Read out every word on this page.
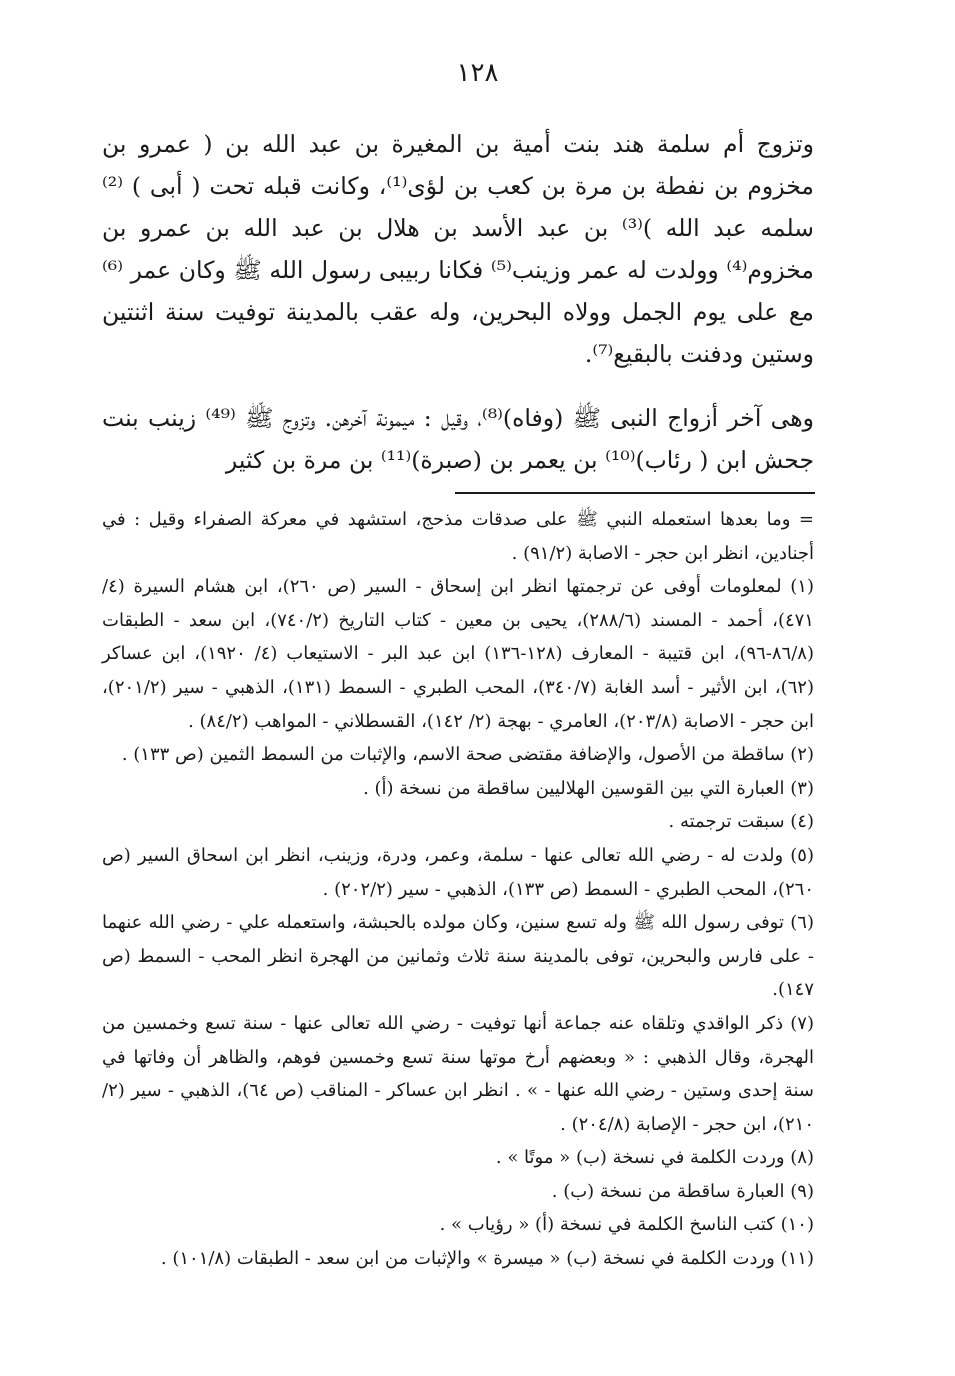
١٢٨
وتزوج أم سلمة هند بنت أمية بن المغيرة بن عبد الله بن ( عمرو بن مخزوم بن نفطة بن مرة بن كعب بن لؤى⁽¹⁾، وكانت قبله تحت ( أبى ) ⁽²⁾ سلمه عبد الله )⁽³⁾ بن عبد الأسد بن هلال بن عبد الله بن عمرو بن مخزوم⁽⁴⁾ وولدت له عمر وزينب⁽⁵⁾ فكانا ربيبى رسول الله ﷺ وكان عمر ⁽⁶⁾ مع على يوم الجمل وولاه البحرين، وله عقب بالمدينة توفيت سنة اثنتين وستين ودفنت بالبقيع⁽⁷⁾.
وهى آخر أزواج النبى ﷺ (وفاه)⁽⁸⁾، وقيل : ميمونة آخرهن. وتزوج ﷺ ⁽⁴⁹⁾ زينب بنت جحش ابن ( رئاب)⁽¹⁰⁾ بن يعمر بن (صبرة)⁽¹¹⁾ بن مرة بن كثير

= وما بعدها استعمله النبي ﷺ على صدقات مذحج، استشهد في معركة الصفراء وقيل : في أجنادين، انظر ابن حجر - الاصابة (٩١/٢) .

(١) لمعلومات أوفى عن ترجمتها انظر ابن إسحاق - السير (ص ٢٦٠)، ابن هشام السيرة (٤/ ٤٧١)، أحمد - المسند (٢٨٨/٦)، يحيى بن معين - كتاب التاريخ (٧٤٠/٢)، ابن سعد - الطبقات (٨٦/٨-٩٦)، ابن قتيبة - المعارف (١٢٨-١٣٦) ابن عبد البر - الاستيعاب (٤/ ١٩٢٠)، ابن عساكر (٦٢)، ابن الأثير - أسد الغابة (٣٤٠/٧)، المحب الطبري - السمط (١٣١)، الذهبي - سير (٢٠١/٢)، ابن حجر - الاصابة (٢٠٣/٨)، العامري - بهجة (٢/ ١٤٢)، القسطلاني - المواهب (٨٤/٢) .

(٢) ساقطة من الأصول، والإضافة مقتضى صحة الاسم، والإثبات من السمط الثمين (ص ١٣٣) .

(٣) العبارة التي بين القوسين الهلاليين ساقطة من نسخة (أ) .

(٤) سبقت ترجمته .

(٥) ولدت له - رضي الله تعالى عنها - سلمة، وعمر، ودرة، وزينب، انظر ابن اسحاق السير (ص ٢٦٠)، المحب الطبري - السمط (ص ١٣٣)، الذهبي - سير (٢٠٢/٢) .

(٦) توفى رسول الله ﷺ وله تسع سنين، وكان مولده بالحبشة، واستعمله علي - رضي الله عنهما - على فارس والبحرين، توفى بالمدينة سنة ثلاث وثمانين من الهجرة انظر المحب - السمط (ص ١٤٧).

(٧) ذكر الواقدي وتلقاه عنه جماعة أنها توفيت - رضي الله تعالى عنها - سنة تسع وخمسين من الهجرة، وقال الذهبي : « وبعضهم أرخ موتها سنة تسع وخمسين فوهم، والظاهر أن وفاتها في سنة إحدى وستين - رضي الله عنها - » . انظر ابن عساكر - المناقب (ص ٦٤)، الذهبي - سير (٢/ ٢١٠)، ابن حجر - الإصابة (٢٠٤/٨) .

(٨) وردت الكلمة في نسخة (ب) « موتًا » .

(٩) العبارة ساقطة من نسخة (ب) .

(١٠) كتب الناسخ الكلمة في نسخة (أ) « رؤياب » .

(١١) وردت الكلمة في نسخة (ب) « ميسرة » والإثبات من ابن سعد - الطبقات (١٠١/٨) .
